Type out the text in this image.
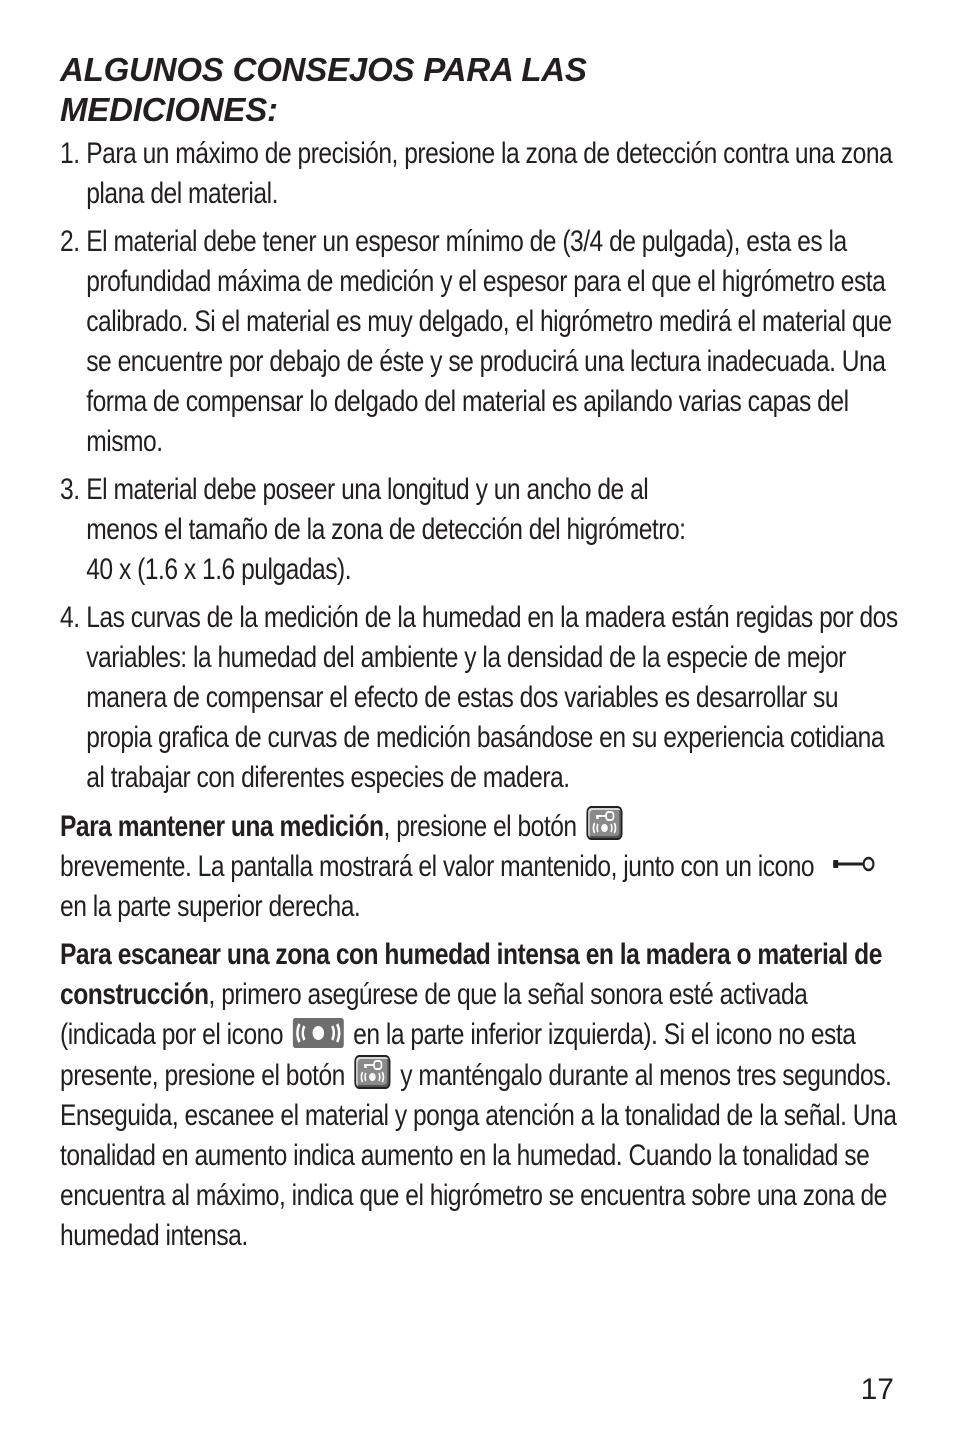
ALGUNOS CONSEJOS PARA LAS
MEDICIONES:
1. Para un máximo de precisión, presione la zona de detección contra una zona plana del material.
2. El material debe tener un espesor mínimo de (3/4 de pulgada), esta es la profundidad máxima de medición y el espesor para el que el higrómetro esta calibrado. Si el material es muy delgado, el higrómetro medirá el material que se encuentre por debajo de éste y se producirá una lectura inadecuada. Una forma de compensar lo delgado del material es apilando varias capas del mismo.
3. El material debe poseer una longitud y un ancho de al
menos el tamaño de la zona de detección del higrómetro:
40 x (1.6 x 1.6 pulgadas).
4. Las curvas de la medición de la humedad en la madera están regidas por dos variables: la humedad del ambiente y la densidad de la especie de mejor manera de compensar el efecto de estas dos variables es desarrollar su propia grafica de curvas de medición basándose en su experiencia cotidiana al trabajar con diferentes especies de madera.

Para mantener una medición, presione el botón

brevemente. La pantalla mostrará el valor mantenido, junto con un icono  en la parte superior derecha.

Para escanear una zona con humedad intensa en la madera o material de construcción, primero asegúrese de que la señal sonora esté activada (indicada por el icono en la parte inferior izquierda). Si el icono no esta presente, presione el botón y manténgalo durante al menos tres segundos. Enseguida, escanee el material y ponga atención a la tonalidad de la señal. Una tonalidad en aumento indica aumento en la humedad. Cuando la tonalidad se encuentra al máximo, indica que el higrómetro se encuentra sobre una zona de humedad intensa.

17
